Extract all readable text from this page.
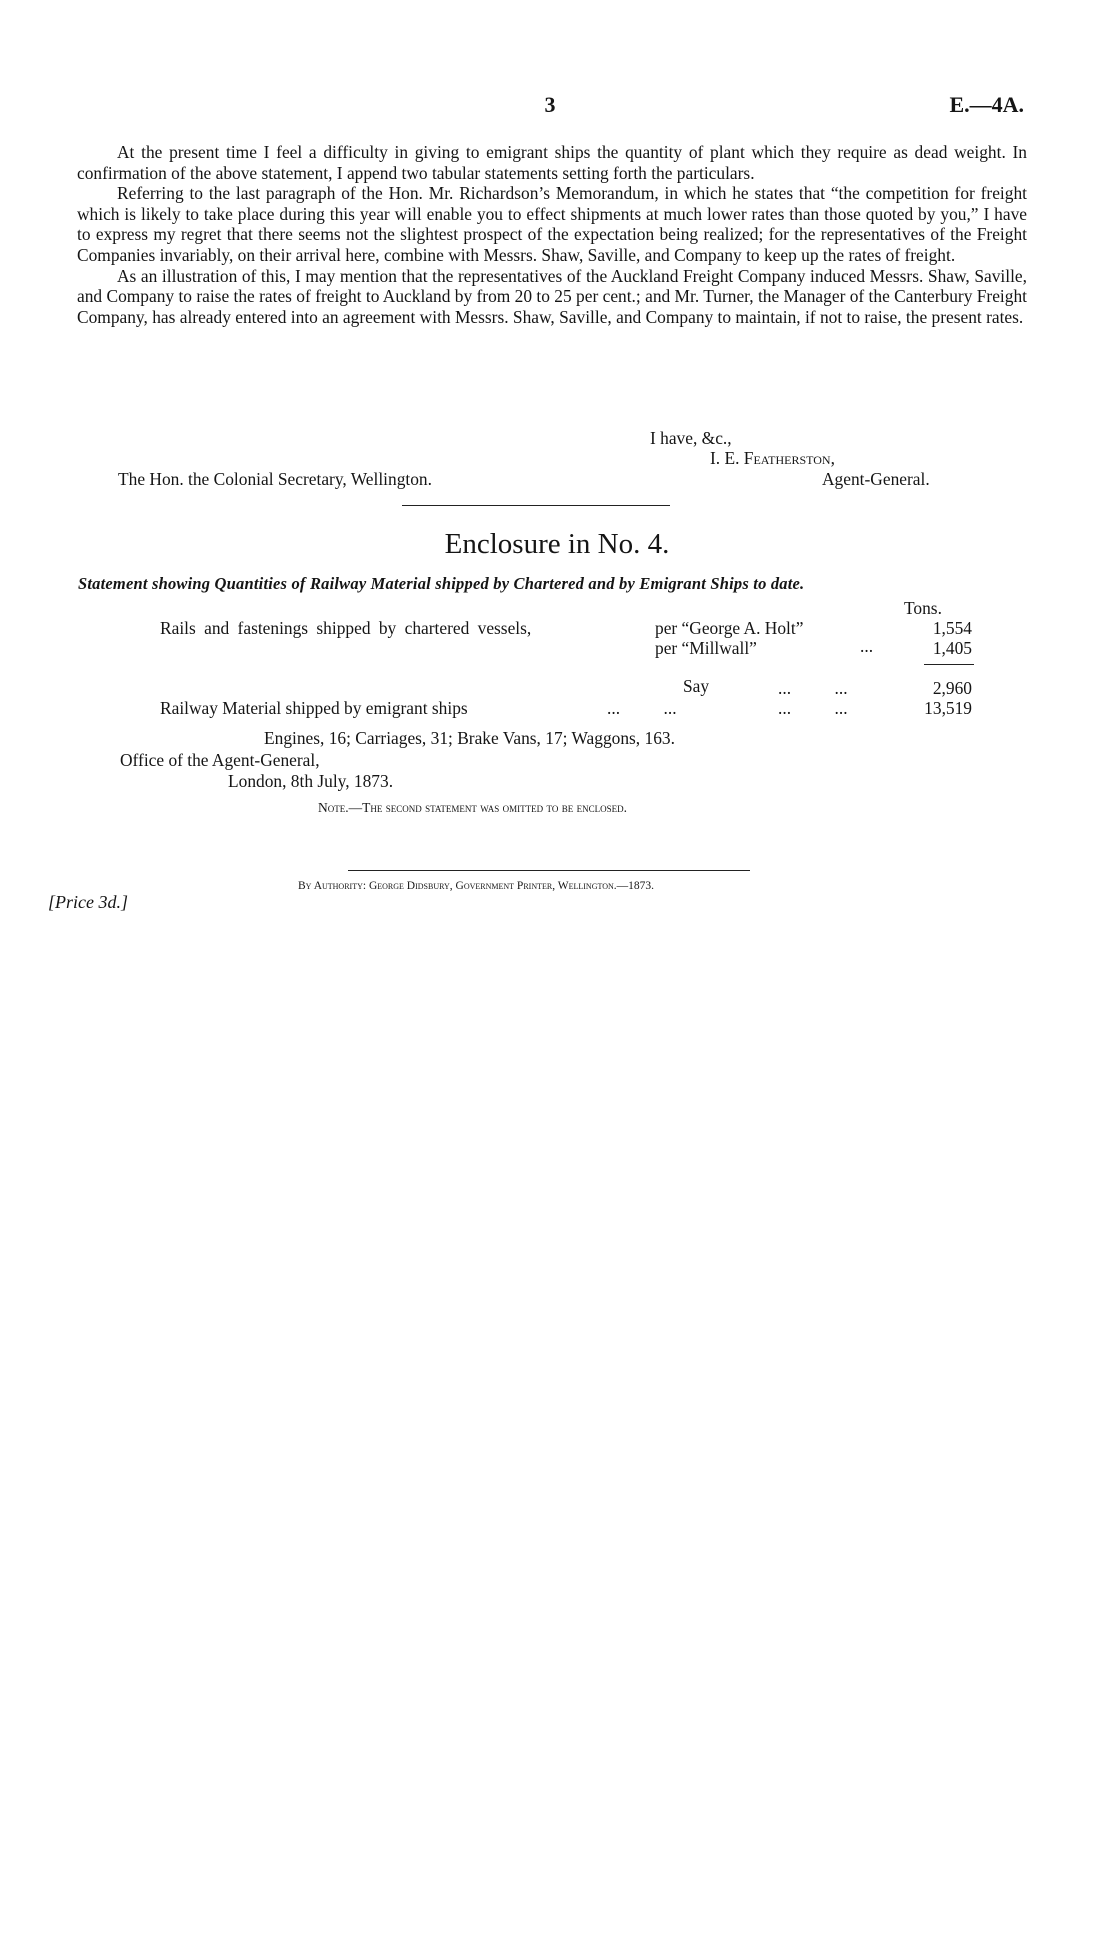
3	E.—4A.

At the present time I feel a difficulty in giving to emigrant ships the quantity of plant which they require as dead weight. In confirmation of the above statement, I append two tabular statements setting forth the particulars.

Referring to the last paragraph of the Hon. Mr. Richardson’s Memorandum, in which he states that “the competition for freight which is likely to take place during this year will enable you to effect shipments at much lower rates than those quoted by you,” I have to express my regret that there seems not the slightest prospect of the expectation being realized; for the representatives of the Freight Companies invariably, on their arrival here, combine with Messrs. Shaw, Saville, and Company to keep up the rates of freight.

As an illustration of this, I may mention that the representatives of the Auckland Freight Company induced Messrs. Shaw, Saville, and Company to raise the rates of freight to Auckland by from 20 to 25 per cent.; and Mr. Turner, the Manager of the Canterbury Freight Company, has already entered into an agreement with Messrs. Shaw, Saville, and Company to maintain, if not to raise, the present rates.

I have, &c.,
I. E. Featherston,
The Hon. the Colonial Secretary, Wellington.	Agent-General.
Enclosure in No. 4.
Statement showing Quantities of Railway Material shipped by Chartered and by Emigrant Ships to date.
Tons.
Rails and fastenings shipped by chartered vessels,	per “George A. Holt”	1,554
per “Millwall”	...	1,405
Say	...          ...	2,960
Railway Material shipped by emigrant ships	...          ...	...          ...	13,519
Engines, 16; Carriages, 31; Brake Vans, 17; Waggons, 163.
Office of the Agent-General,
London, 8th July, 1873.
Note.—The second statement was omitted to be enclosed.
By Authority: George Didsbury, Government Printer, Wellington.—1873.
[Price 3d.]
